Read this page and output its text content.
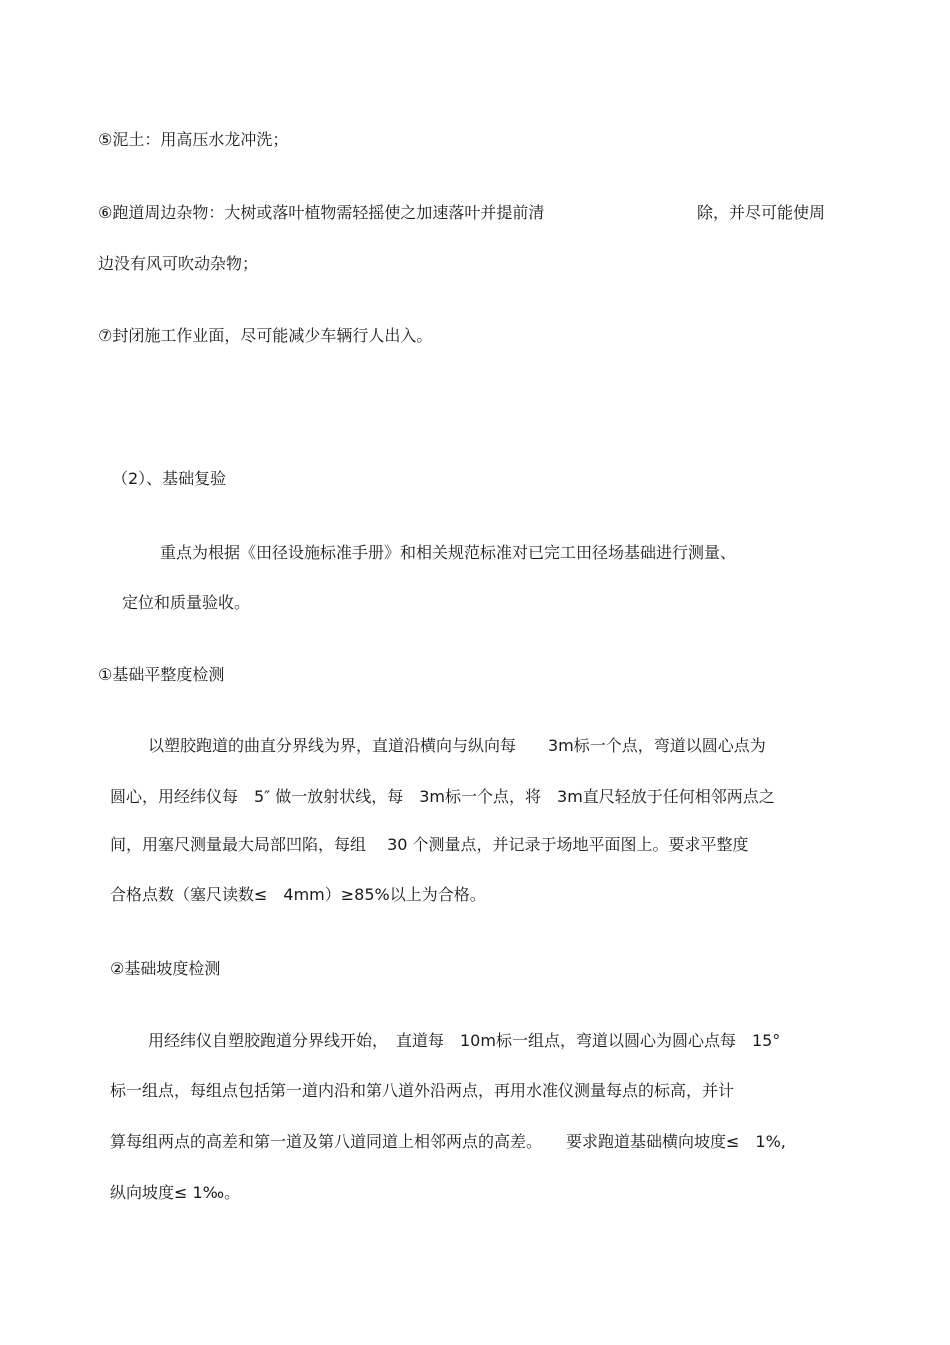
⑤泥土：用高压水龙冲洗；

⑥跑道周边杂物：大树或落叶植物需轻摇使之加速落叶并提前清	除，并尽可能使周

边没有风可吹动杂物；

⑦封闭施工作业面，尽可能减少车辆行人出入。

（2）、基础复验

重点为根据《田径设施标准手册》和相关规范标准对已完工田径场基础进行测量、

定位和质量验收。

①基础平整度检测

以塑胶跑道的曲直分界线为界，直道沿横向与纵向每　　3m标一个点，弯道以圆心点为

圆心，用经纬仪每　5″ 做一放射状线，每　3m标一个点，将　3m直尺轻放于任何相邻两点之

间，用塞尺测量最大局部凹陷，每组　 30 个测量点，并记录于场地平面图上。要求平整度

合格点数（塞尺读数≤　4mm）≥85%以上为合格。

②基础坡度检测

用经纬仪自塑胶跑道分界线开始，　直道每　10m标一组点，弯道以圆心为圆心点每　15°

标一组点，每组点包括第一道内沿和第八道外沿两点，再用水准仪测量每点的标高，并计

算每组两点的高差和第一道及第八道同道上相邻两点的高差。　　要求跑道基础横向坡度≤　1%,

纵向坡度≤ 1‰。
